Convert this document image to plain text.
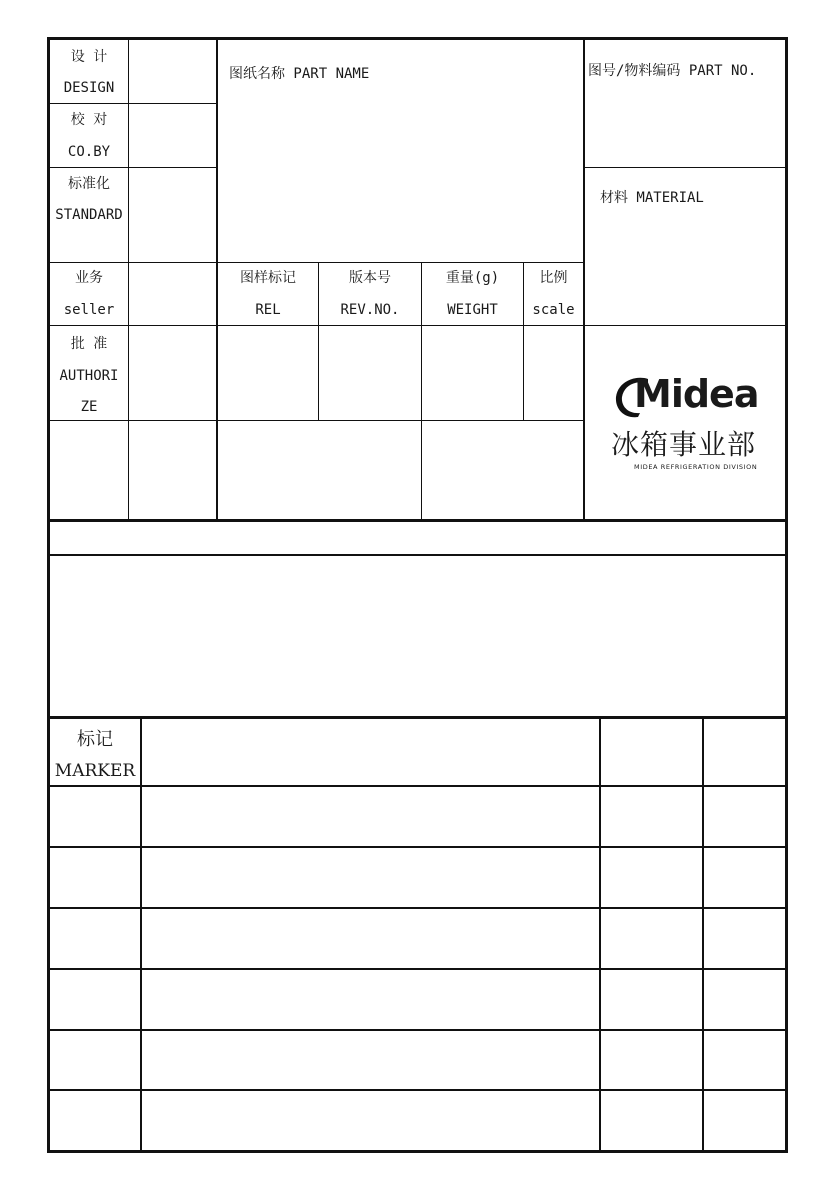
设 计
DESIGN
校 对
CO.BY
标准化
STANDARD
业务
seller
批 准
AUTHORI
ZE
图纸名称 PART NAME	图号/物料编码 PART NO.
材料 MATERIAL
图样标记
REL
版本号
REV.NO.
重量(g)
WEIGHT
比例
scale
Midea
冰箱事业部
MIDEA REFRIGERATION DIVISION
标记
MARKER
